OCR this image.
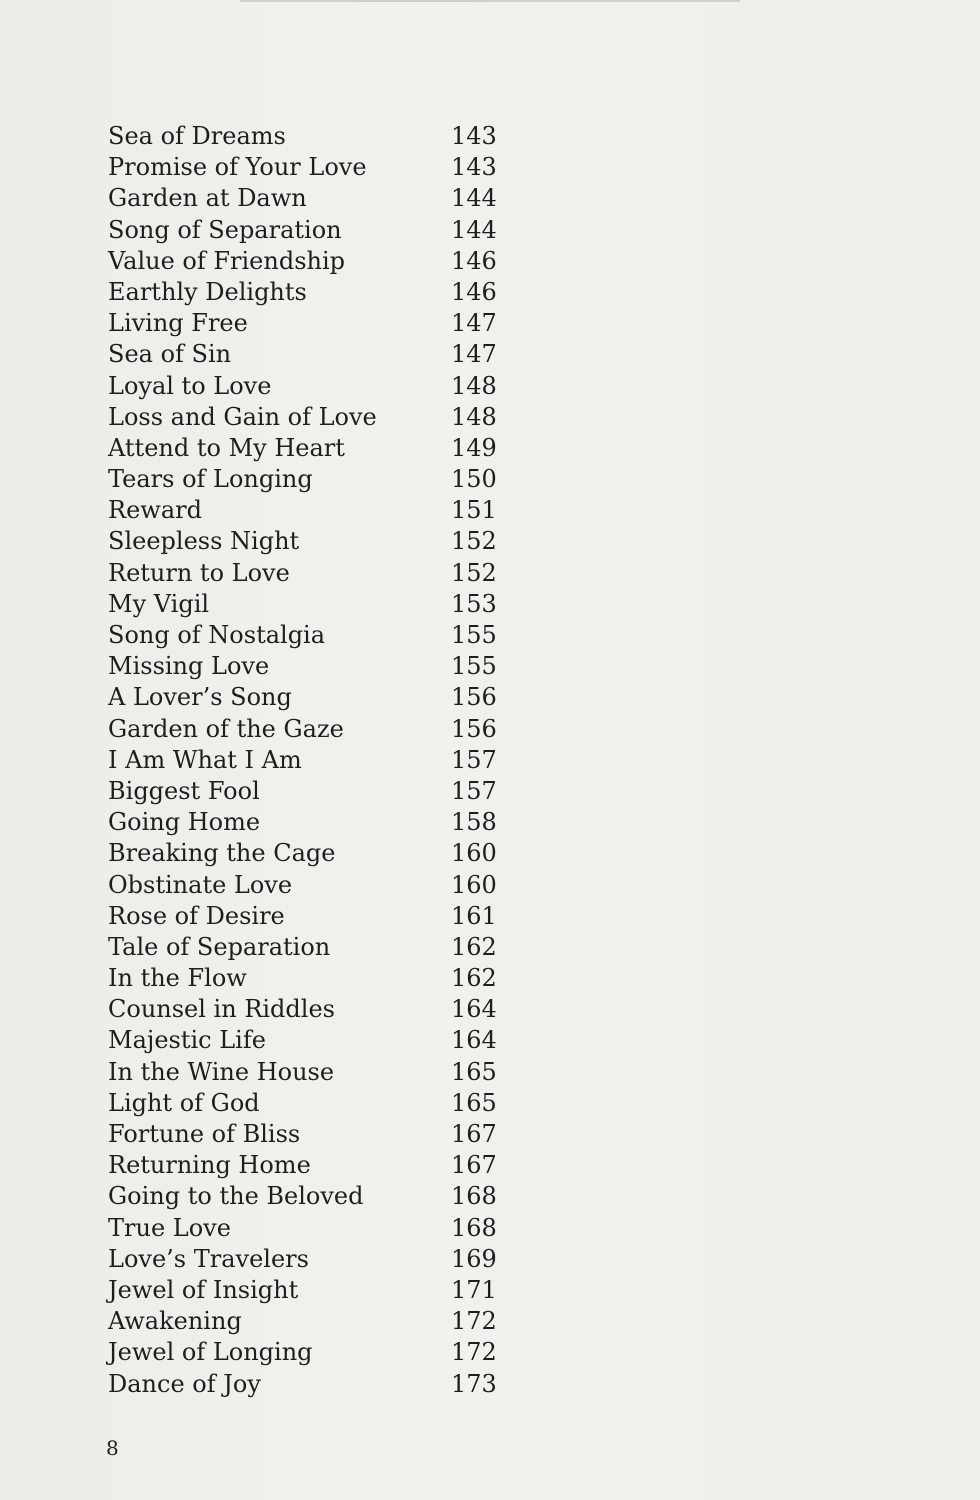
Sea of Dreams	143
Promise of Your Love	143
Garden at Dawn	144
Song of Separation	144
Value of Friendship	146
Earthly Delights	146
Living Free	147
Sea of Sin	147
Loyal to Love	148
Loss and Gain of Love	148
Attend to My Heart	149
Tears of Longing	150
Reward	151
Sleepless Night	152
Return to Love	152
My Vigil	153
Song of Nostalgia	155
Missing Love	155
A Lover’s Song	156
Garden of the Gaze	156
I Am What I Am	157
Biggest Fool	157
Going Home	158
Breaking the Cage	160
Obstinate Love	160
Rose of Desire	161
Tale of Separation	162
In the Flow	162
Counsel in Riddles	164
Majestic Life	164
In the Wine House	165
Light of God	165
Fortune of Bliss	167
Returning Home	167
Going to the Beloved	168
True Love	168
Love’s Travelers	169
Jewel of Insight	171
Awakening	172
Jewel of Longing	172
Dance of Joy	173
8
